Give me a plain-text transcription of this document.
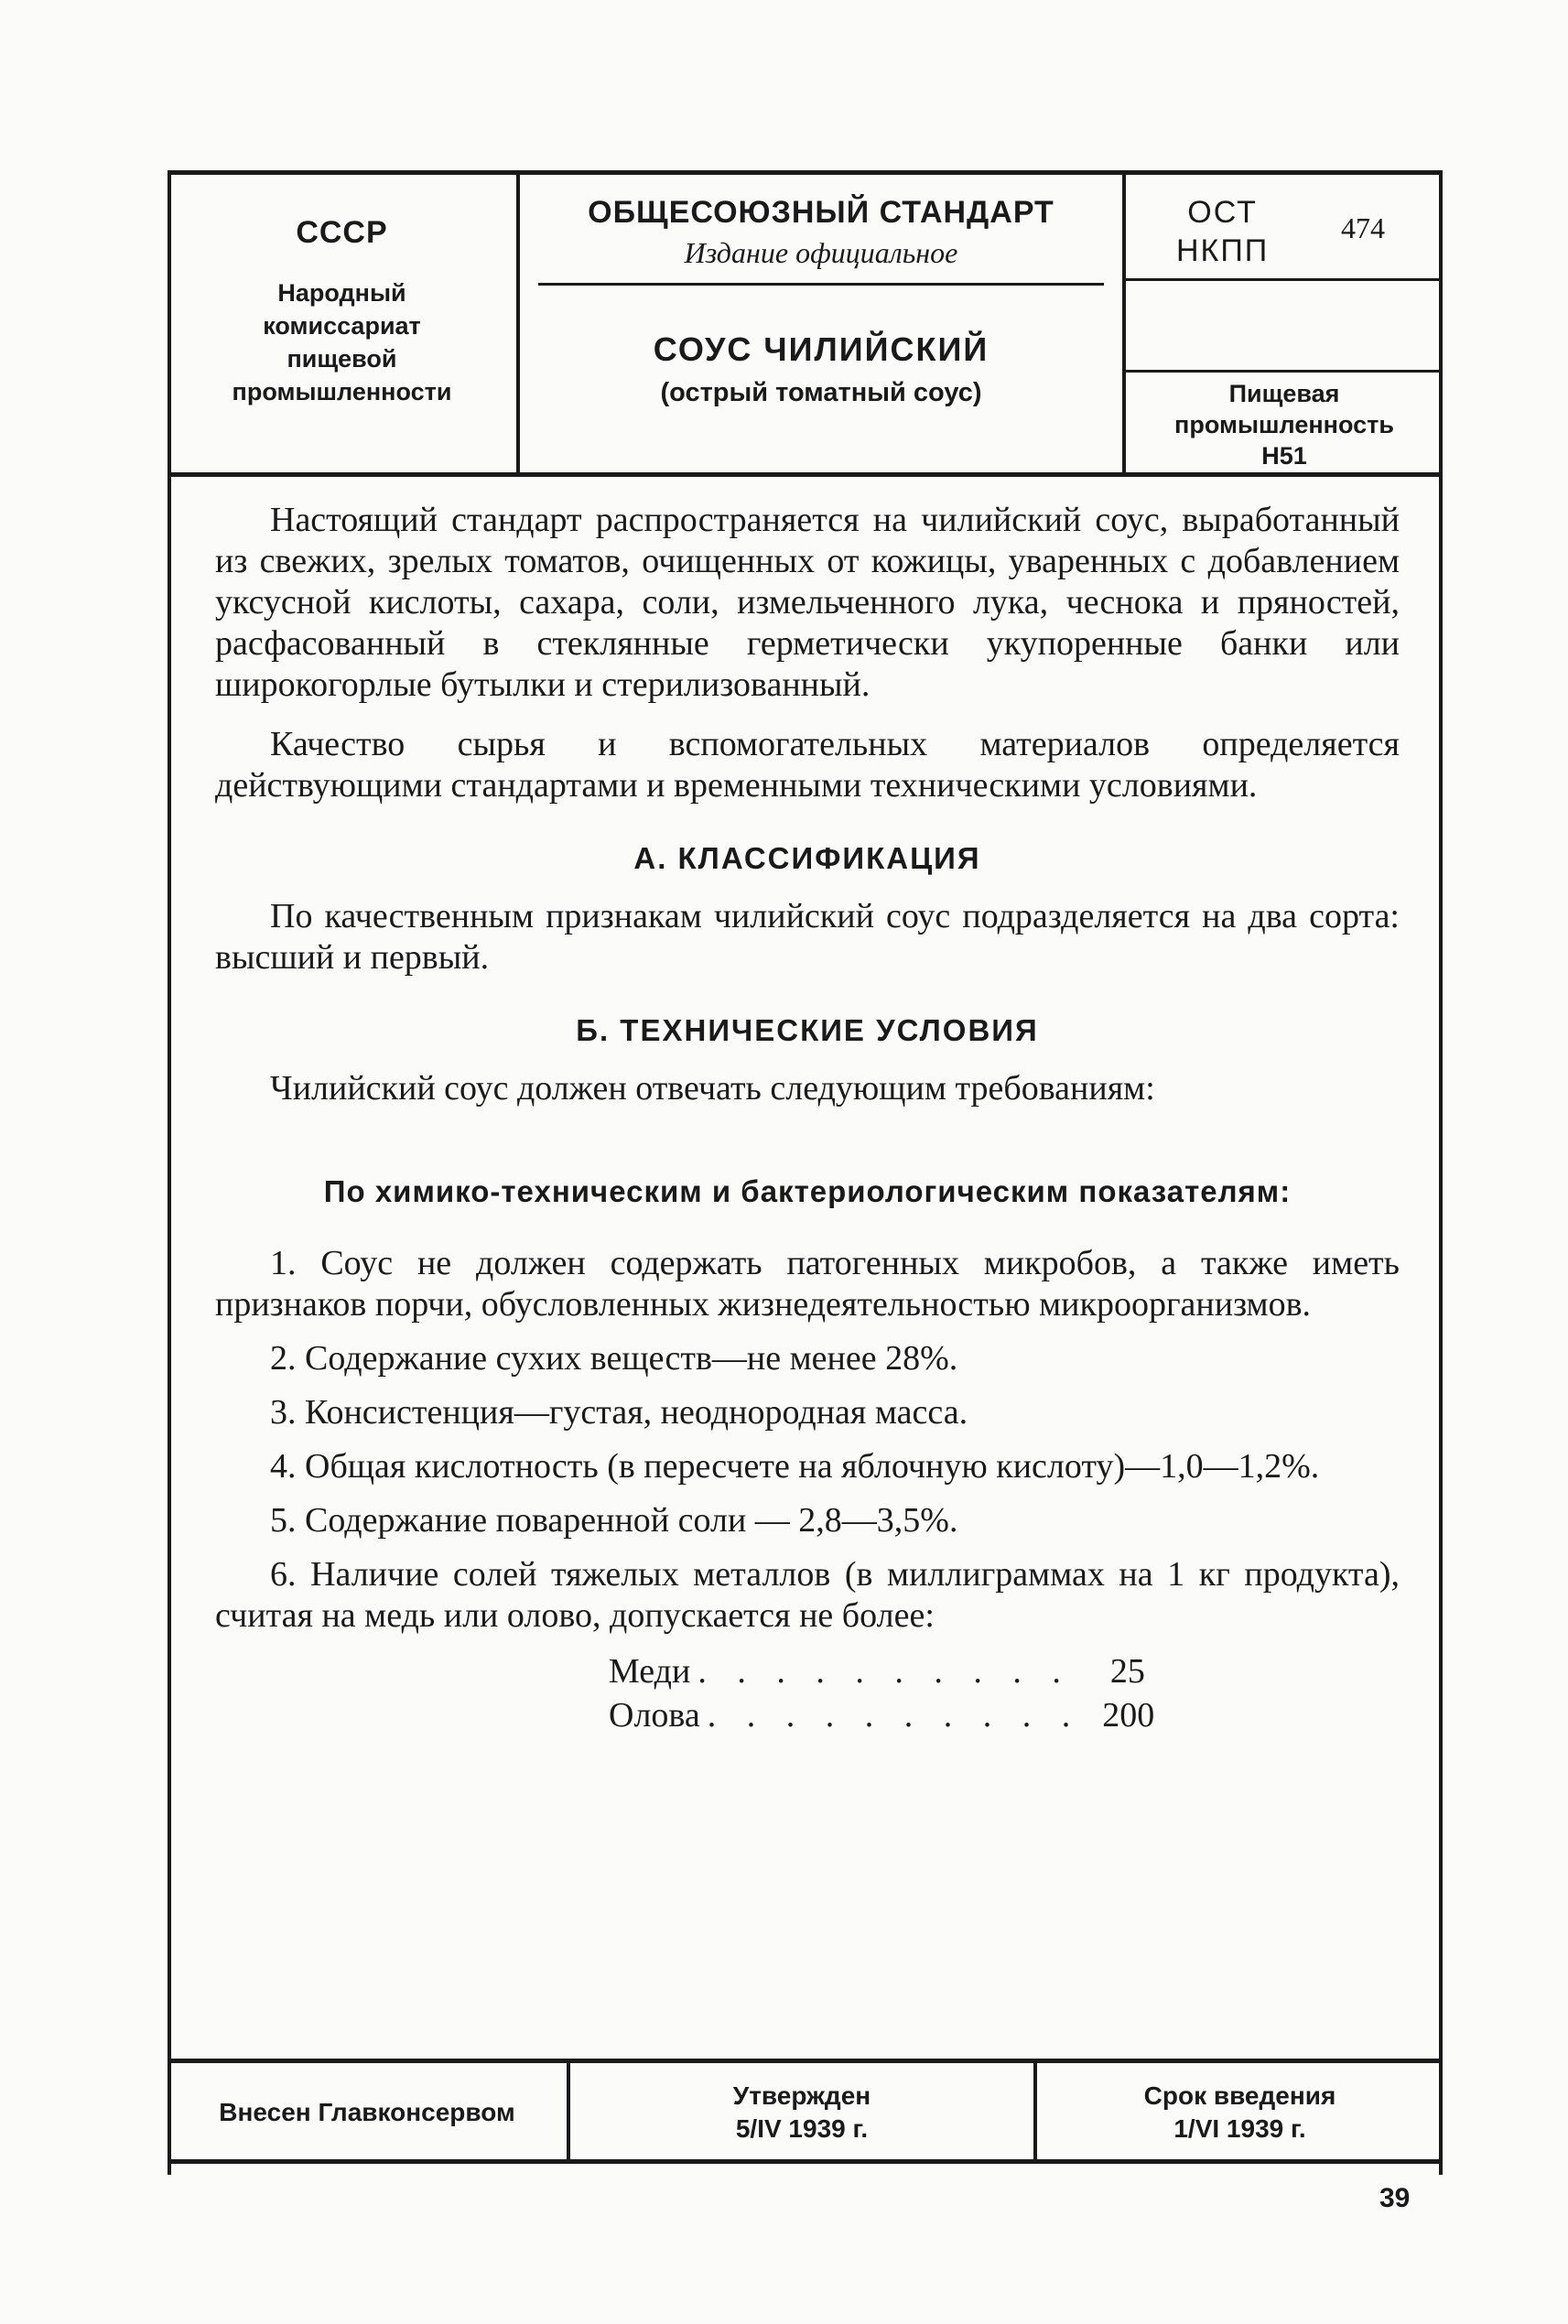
СССР
Народный
комиссариат
пищевой
промышленности
ОБЩЕСОЮЗНЫЙ СТАНДАРТ
Издание официальное
СОУС ЧИЛИЙСКИЙ
(острый томатный соус)
ОСТ
НКПП
474
Пищевая
промышленность
Н51

Настоящий стандарт распространяется на чилийский соус, выработанный из свежих, зрелых томатов, очищенных от кожицы, уваренных с добавлением уксусной кислоты, сахара, соли, измельченного лука, чеснока и пряностей, расфасованный в стеклянные герметически укупоренные банки или широкогорлые бутылки и стерилизованный.

Качество сырья и вспомогательных материалов определяется действующими стандартами и временными техническими условиями.

А. КЛАССИФИКАЦИЯ

По качественным признакам чилийский соус подразделяется на два сорта: высший и первый.

Б. ТЕХНИЧЕСКИЕ УСЛОВИЯ

Чилийский соус должен отвечать следующим требованиям:

По химико-техническим и бактериологическим показателям:

1. Соус не должен содержать патогенных микробов, а также иметь признаков порчи, обусловленных жизнедеятельностью микроорганизмов.

2. Содержание сухих веществ—не менее 28%.

3. Консистенция—густая, неоднородная масса.

4. Общая кислотность (в пересчете на яблочную кислоту)—1,0—1,2%.

5. Содержание поваренной соли — 2,8—3,5%.

6. Наличие солей тяжелых металлов (в миллиграммах на 1 кг продукта), считая на медь или олово, допускается не более:

Меди . . . . . . . . . .	25
Олова . . . . . . . . . . 200
Внесен Главконсервом
Утвержден
5/IV 1939 г.
Срок введения
1/VI 1939 г.
39
